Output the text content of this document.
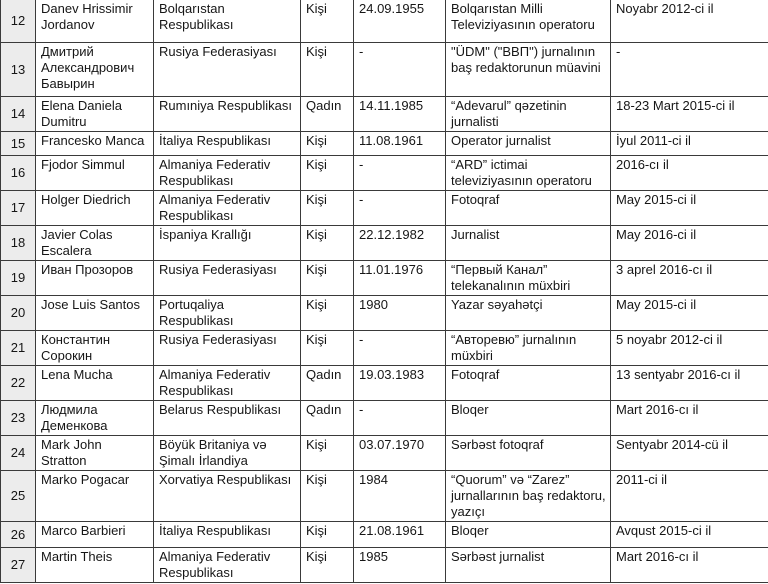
12	Danev Hrissimir Jordanov	Bolqarıstan Respublikası	Kişi	24.09.1955	Bolqarıstan Milli Televiziyasının operatoru	Noyabr 2012-ci il
13	Дмитрий Александрович Бавырин	Rusiya Federasiyası	Kişi	-	"ÜDM" ("ВВП") jurnalının baş redaktorunun müavini	-
14	Elena Daniela Dumitru	Rumıniya Respublikası	Qadın	14.11.1985	“Adevarul” qəzetinin jurnalisti	18-23 Mart 2015-ci il
15	Francesko Manca	İtaliya Respublikası	Kişi	11.08.1961	Operator jurnalist	İyul 2011-ci il
16	Fjodor Simmul	Almaniya Federativ Respublikası	Kişi	-	“ARD” ictimai televiziyasının operatoru	2016-cı il
17	Holger Diedrich	Almaniya Federativ Respublikası	Kişi	-	Fotoqraf	May 2015-ci il
18	Javier Colas Escalera	İspaniya Krallığı	Kişi	22.12.1982	Jurnalist	May 2016-ci il
19	Иван Прозоров	Rusiya Federasiyası	Kişi	11.01.1976	“Первый Канал” telekanalının müxbiri	3 aprel 2016-cı il
20	Jose Luis Santos	Portuqaliya Respublikası	Kişi	1980	Yazar səyahətçi	May 2015-ci il
21	Константин Сорокин	Rusiya Federasiyası	Kişi	-	“Авторевю” jurnalının müxbiri	5 noyabr 2012-ci il
22	Lena Mucha	Almaniya Federativ Respublikası	Qadın	19.03.1983	Fotoqraf	13 sentyabr 2016-cı il
23	Людмила Деменкова	Belarus Respublikası	Qadın	-	Bloqer	Mart 2016-cı il
24	Mark John Stratton	Böyük Britaniya və Şimalı İrlandiya	Kişi	03.07.1970	Sərbəst fotoqraf	Sentyabr 2014-cü il
25	Marko Pogacar	Xorvatiya Respublikası	Kişi	1984	“Quorum” və “Zarez” jurnallarının baş redaktoru, yazıçı	2011-ci il
26	Marco Barbieri	İtaliya Respublikası	Kişi	21.08.1961	Bloqer	Avqust 2015-ci il
27	Martin Theis	Almaniya Federativ Respublikası	Kişi	1985	Sərbəst jurnalist	Mart 2016-cı il
